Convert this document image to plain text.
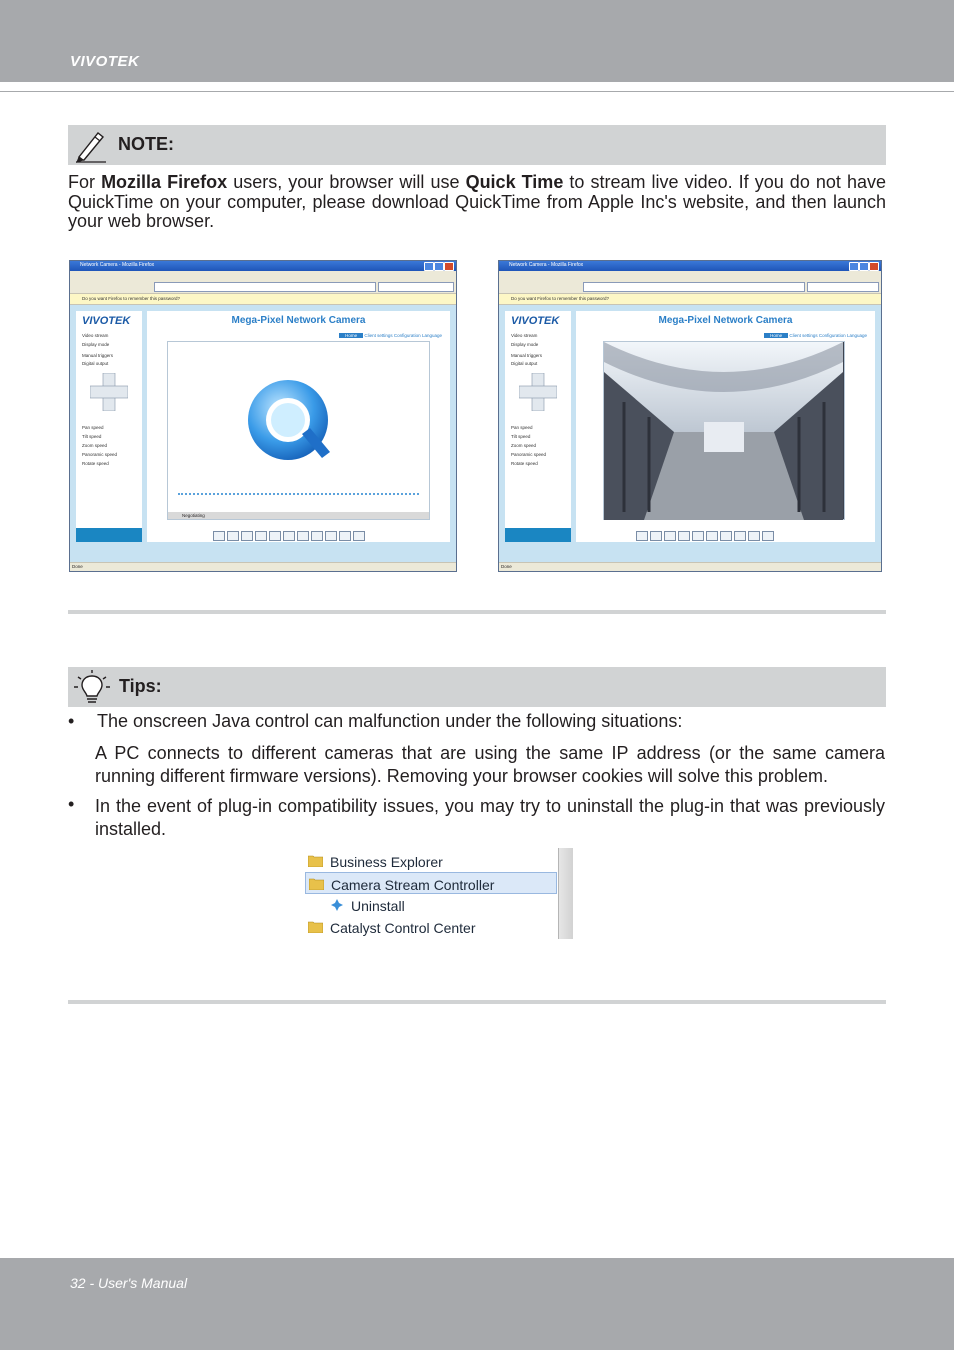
VIVOTEK
NOTE:
For Mozilla Firefox users, your browser will use Quick Time to stream live video. If you do not have QuickTime on your computer, please download QuickTime from Apple Inc's website, and then launch your web browser.
Network Camera - Mozilla Firefox
Do you want Firefox to remember this password?
VIVOTEK
Video stream
Display mode
Manual triggers
Digital output
Pan speed
Tilt speed
Zoom speed
Panoramic speed
Rotate speed
Mega-Pixel Network Camera
Home Client settings Configuration Language
Negotiating
Done
Network Camera - Mozilla Firefox
Do you want Firefox to remember this password?
VIVOTEK
Video stream
Display mode
Manual triggers
Digital output
Pan speed
Tilt speed
Zoom speed
Panoramic speed
Rotate speed
Mega-Pixel Network Camera
Home Client settings Configuration Language
Done
Tips:
• The onscreen Java control can malfunction under the following situations:
A PC connects to different cameras that are using the same IP address (or the same camera running different firmware versions). Removing your browser cookies will solve this problem.
• In the event of plug-in compatibility issues, you may try to uninstall the plug-in that was previously installed.
Business Explorer
Camera Stream Controller
Uninstall
Catalyst Control Center
32 - User's Manual
